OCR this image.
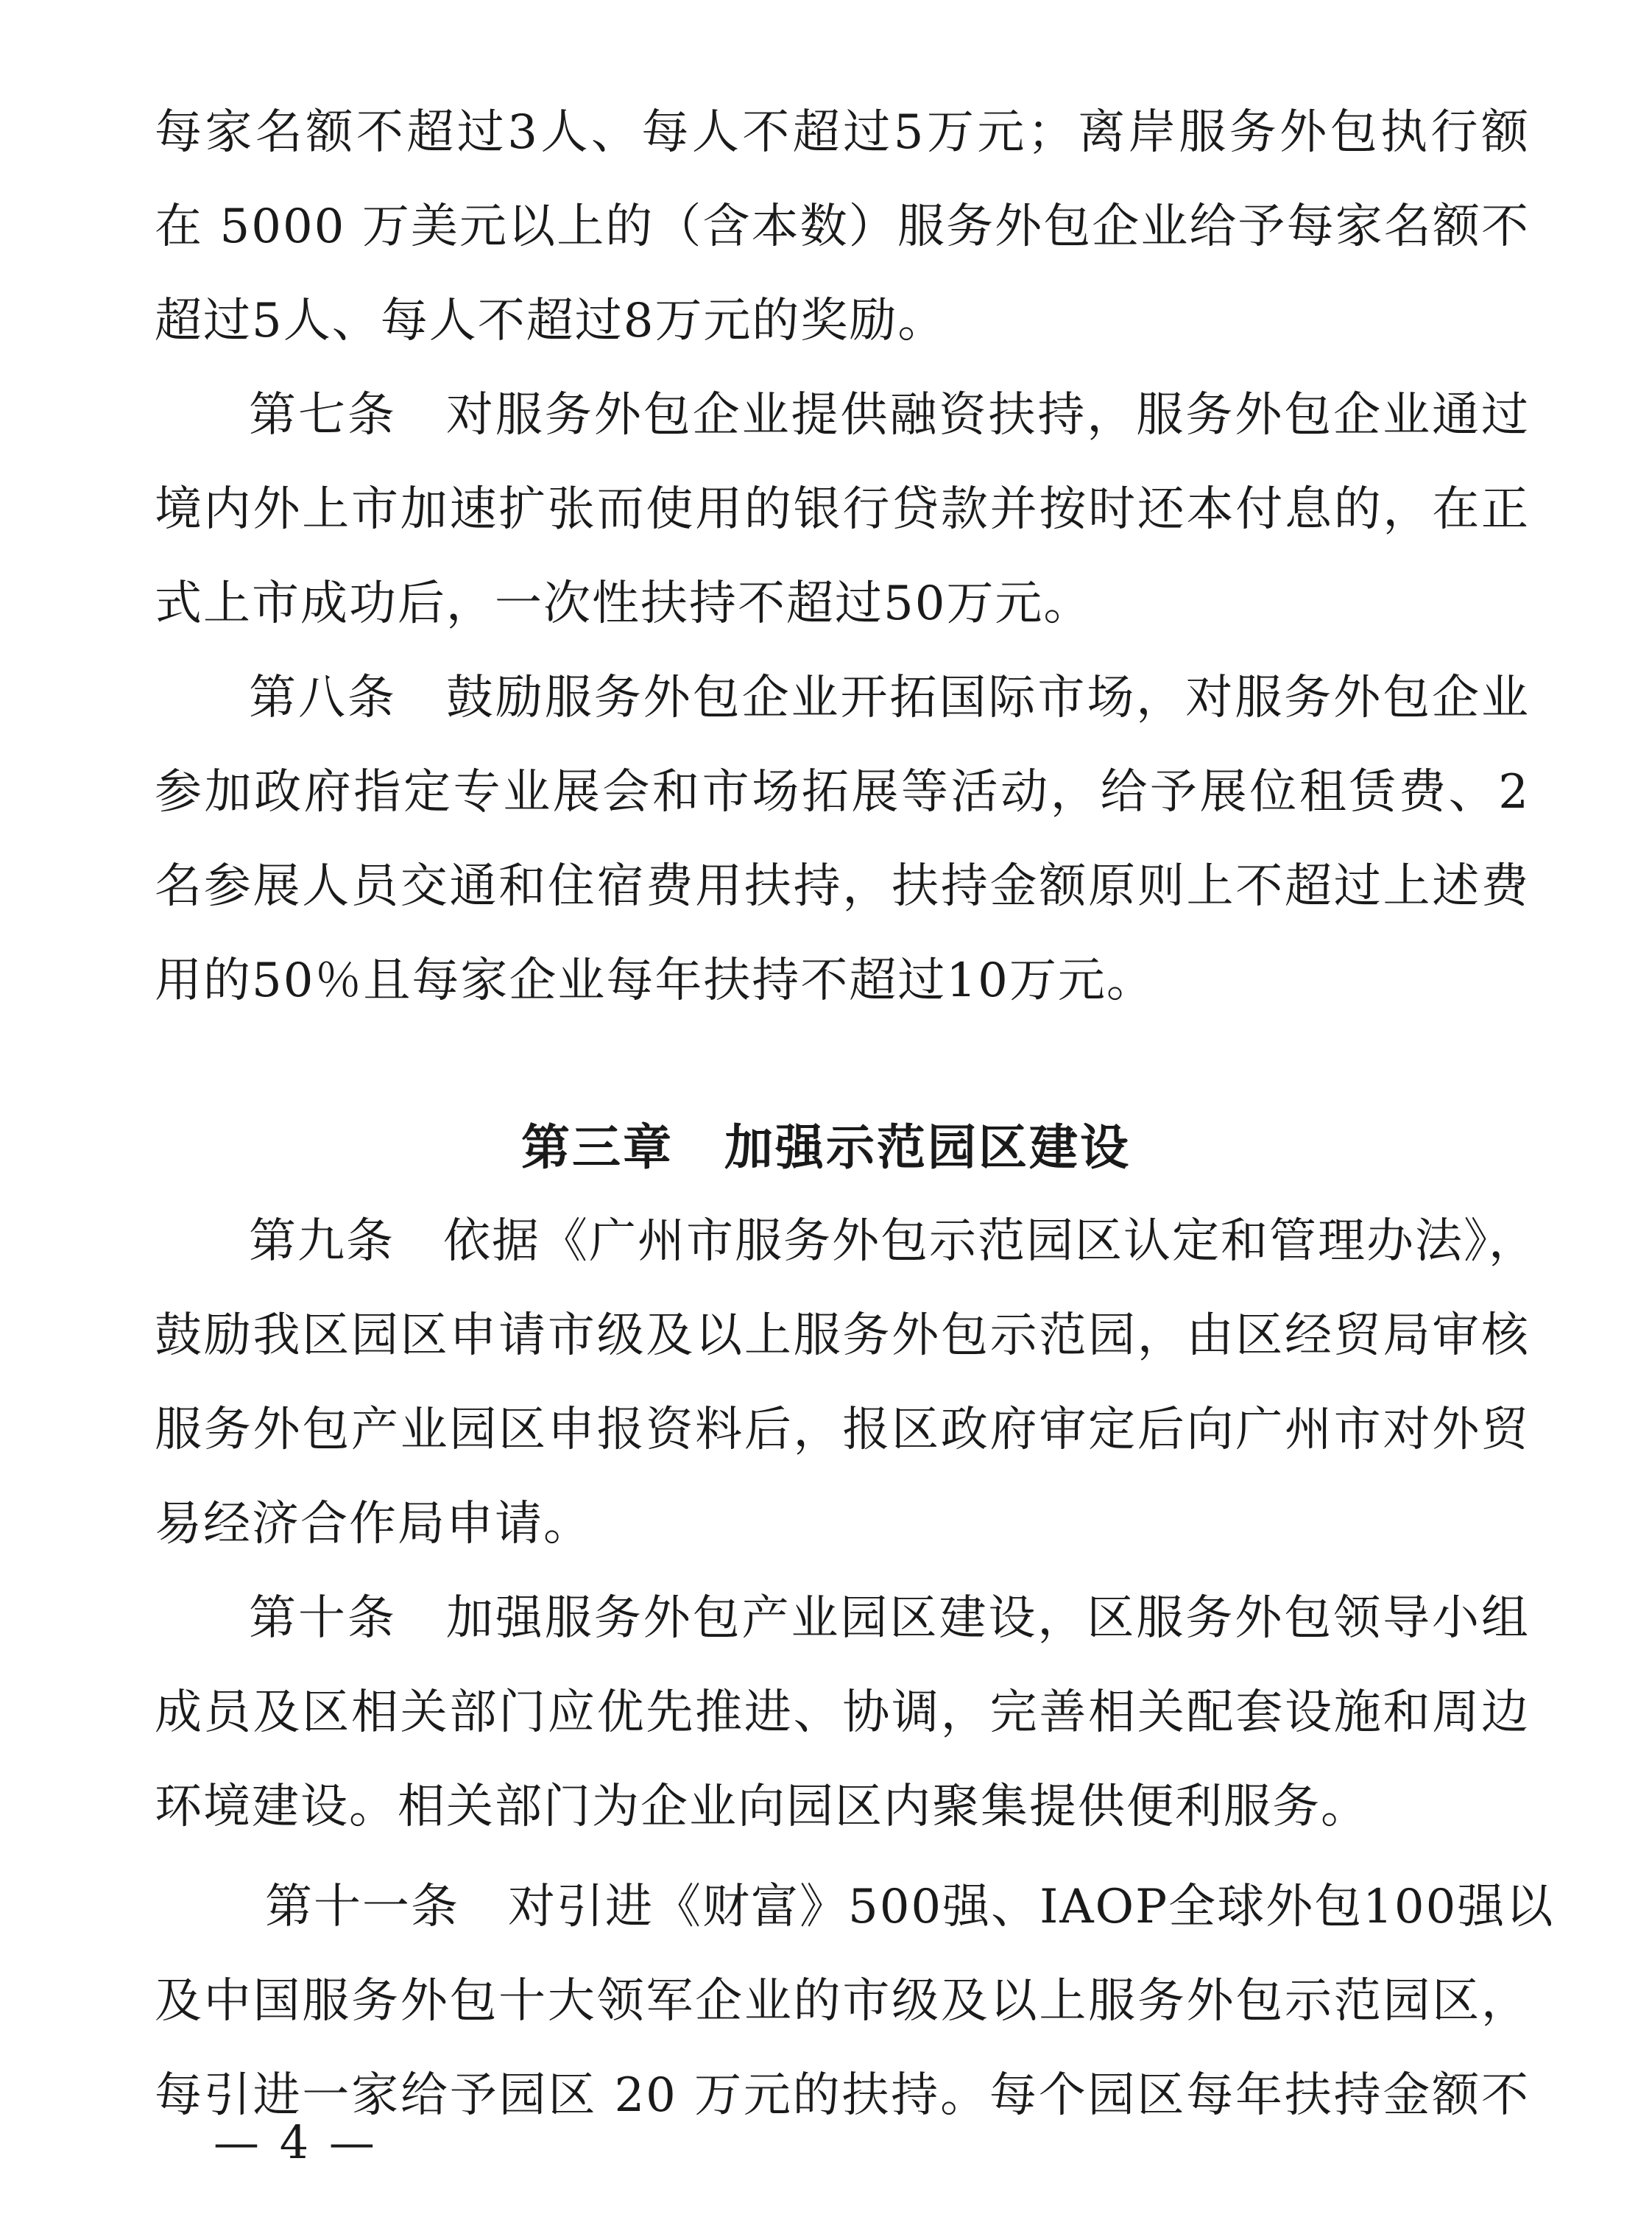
每家名额不超过3人、每人不超过5万元；离岸服务外包执行额
在 5000 万美元以上的（含本数）服务外包企业给予每家名额不
超过5人、每人不超过8万元的奖励。
第七条　对服务外包企业提供融资扶持，服务外包企业通过
境内外上市加速扩张而使用的银行贷款并按时还本付息的，在正
式上市成功后，一次性扶持不超过50万元。
第八条　鼓励服务外包企业开拓国际市场，对服务外包企业
参加政府指定专业展会和市场拓展等活动，给予展位租赁费、2
名参展人员交通和住宿费用扶持，扶持金额原则上不超过上述费
用的50％且每家企业每年扶持不超过10万元。
第三章　加强示范园区建设
第九条　依据《广州市服务外包示范园区认定和管理办法》，
鼓励我区园区申请市级及以上服务外包示范园，由区经贸局审核
服务外包产业园区申报资料后，报区政府审定后向广州市对外贸
易经济合作局申请。
第十条　加强服务外包产业园区建设，区服务外包领导小组
成员及区相关部门应优先推进、协调，完善相关配套设施和周边
环境建设。相关部门为企业向园区内聚集提供便利服务。
第十一条　对引进《财富》500强、IAOP全球外包100强以
及中国服务外包十大领军企业的市级及以上服务外包示范园区，
每引进一家给予园区 20 万元的扶持。每个园区每年扶持金额不
— 4 —
